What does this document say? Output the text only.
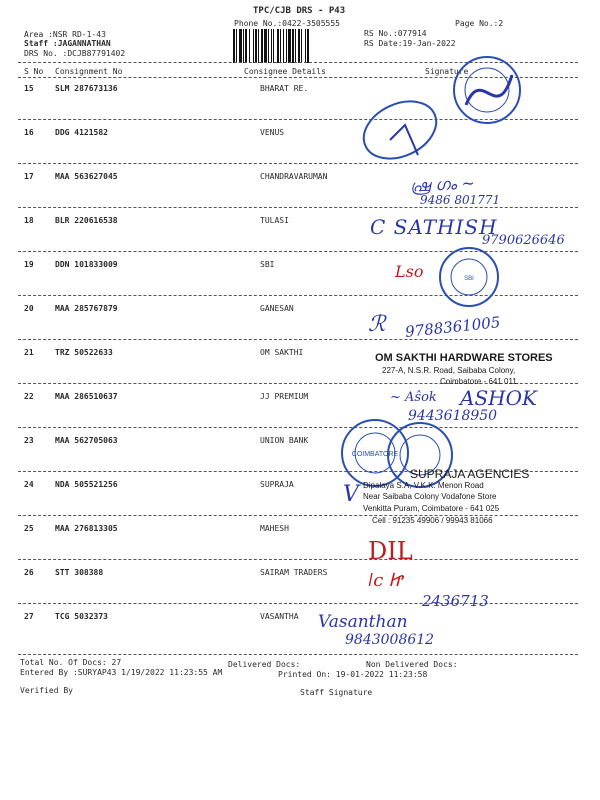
TPC/CJB DRS - P43
Phone No.:0422-3505555	Page No.:2
Area :NSR RD-1-43
Staff :JAGANNATHAN
DRS No. :DCJB87791402
RS No.:077914
RS Date:19-Jan-2022
S No Consignment No	Consignee Details	Signature
15	SLM 287673136	BHARAT RE.
16	DDG 4121582	VENUS
17	MAA 563627045	CHANDRAVARUMAN
18	BLR 220616538	TULASI
19	DDN 101833009	SBI
20	MAA 285767879	GANESAN
21	TRZ 50522633	OM SAKTHI
22	MAA 286510637	JJ PREMIUM
23	MAA 562705063	UNION BANK
24	NDA 505521256	SUPRAJA
25	MAA 276813305	MAHESH
26	STT 308388	SAIRAM TRADERS
27	TCG 5032373	VASANTHA
ഷ്ര ഗം ~
9486 801771
C SATHISH
9790626646
SBI
Lso
ℛ 9788361005
OM SAKTHI HARDWARE STORES
227-A, N.S.R. Road, Saibaba Colony,
Coimbatore - 641 011.
~ Aŝok ASHOK
9443618950
COIMBATORE
SUPRAJA AGENCIES
Dipalaya S.A, V.K.K. Menon Road
Near Saibaba Colony Vodafone Store
Venkitta Puram, Coimbatore - 641 025
Cell : 91235 49906 / 99943 81066
V
DIL
ǀc Ꮵ
2436713
Vasanthan
9843008612
Total No. Of Docs: 27	Delivered Docs:	Non Delivered Docs:
Entered By :SURYAP43 1/19/2022 11:23:55 AM	Printed On: 19-01-2022 11:23:58
Verified By	Staff Signature
